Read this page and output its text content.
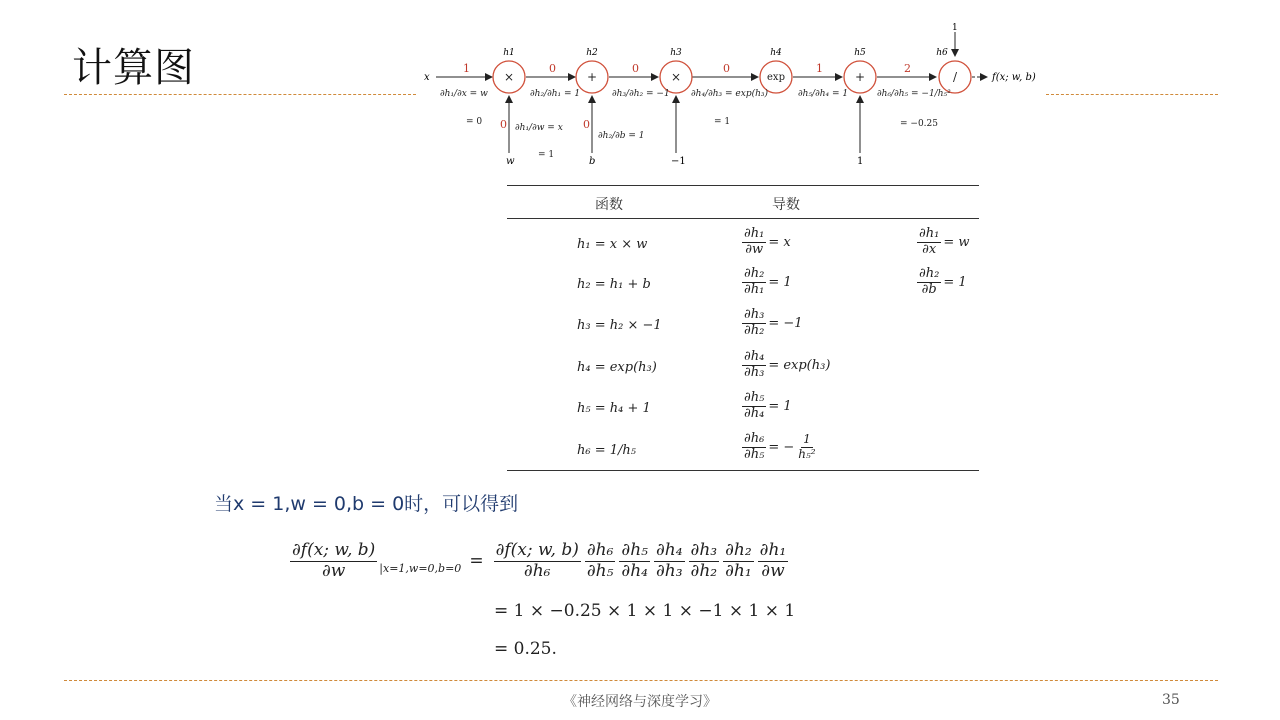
计算图	×	+	×	exp	+	/
h1	h2	h3	h4	h5	h6
x
w	b	−1	1
1
f(x; w, b)
1	0	0	0	1	2
0	0
∂h₁/∂x = w
= 0
∂h₁/∂w = x
= 1
∂h₂/∂h₁ = 1
∂h₂/∂b = 1
∂h₃/∂h₂ = −1 ∂h₄/∂h₃ = exp(h₃)
= 1
∂h₅/∂h₄ = 1	∂h₆/∂h₅ = −1/h₅²
= −0.25
函数	导数
h₁ = x × w	$\frac{\text{∂h₁}}{\partial w} = x$	$\frac{\text{∂h₁}}{\partial x} = w$
h₂ = h₁ + b	$\frac{\text{∂h₂}}{\text{∂h₁}} = 1$	$\frac{\text{∂h₂}}{\partial b} = 1$
h₃ = h₂ × −1	$\frac{\text{∂h₃}}{\text{∂h₂}} = -1$
h₄ = exp(h₃)	$\frac{\text{∂h₄}}{\text{∂h₃}} = \exp(h_3)$
h₅ = h₄ + 1	$\frac{\text{∂h₅}}{\text{∂h₄}} = 1$
h₆ = 1/h₅	$\frac{\text{∂h₆}}{\text{∂h₅}}$ = − $\frac{1}{\text{h₅²}}$
当x = 1,w = 0,b = 0时，可以得到
$\frac{\partial f(x; w, b)}{\partial w} |x=1,w=0,b=0 = \frac{\partial f(x; w, b)}{\text{∂h₆}} \frac{\text{∂h₆}}{\text{∂h₅}} \frac{\text{∂h₅}}{\text{∂h₄}} \frac{\text{∂h₄}}{\text{∂h₃}} \frac{\text{∂h₃}}{\text{∂h₂}} \frac{\text{∂h₂}}{\text{∂h₁}} \frac{\text{∂h₁}}{\partial w}$
= 1 × −0.25 × 1 × 1 × −1 × 1 × 1
= 0.25.
《神经网络与深度学习》	35
